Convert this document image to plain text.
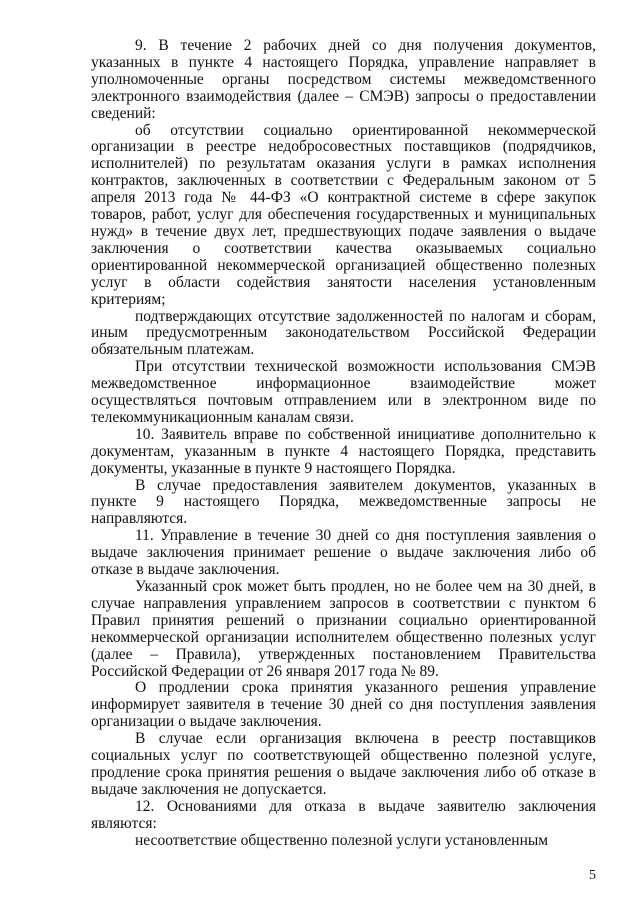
9. В течение 2 рабочих дней со дня получения документов, указанных в пункте 4 настоящего Порядка, управление направляет в уполномоченные органы посредством системы межведомственного электронного взаимодействия (далее – СМЭВ) запросы о предоставлении сведений:

об отсутствии социально ориентированной некоммерческой организации в реестре недобросовестных поставщиков (подрядчиков, исполнителей) по результатам оказания услуги в рамках исполнения контрактов, заключенных в соответствии с Федеральным законом от 5 апреля 2013 года № 44-ФЗ «О контрактной системе в сфере закупок товаров, работ, услуг для обеспечения государственных и муниципальных нужд» в течение двух лет, предшествующих подаче заявления о выдаче заключения о соответствии качества оказываемых социально ориентированной некоммерческой организацией общественно полезных услуг в области содействия занятости населения установленным критериям;

подтверждающих отсутствие задолженностей по налогам и сборам, иным предусмотренным законодательством Российской Федерации обязательным платежам.

При отсутствии технической возможности использования СМЭВ межведомственное информационное взаимодействие может осуществляться почтовым отправлением или в электронном виде по телекоммуникационным каналам связи.

10. Заявитель вправе по собственной инициативе дополнительно к документам, указанным в пункте 4 настоящего Порядка, представить документы, указанные в пункте 9 настоящего Порядка.

В случае предоставления заявителем документов, указанных в пункте 9 настоящего Порядка, межведомственные запросы не направляются.

11. Управление в течение 30 дней со дня поступления заявления о выдаче заключения принимает решение о выдаче заключения либо об отказе в выдаче заключения.

Указанный срок может быть продлен, но не более чем на 30 дней, в случае направления управлением запросов в соответствии с пунктом 6 Правил принятия решений о признании социально ориентированной некоммерческой организации исполнителем общественно полезных услуг (далее – Правила), утвержденных постановлением Правительства Российской Федерации от 26 января 2017 года № 89.

О продлении срока принятия указанного решения управление информирует заявителя в течение 30 дней со дня поступления заявления организации о выдаче заключения.

В случае если организация включена в реестр поставщиков социальных услуг по соответствующей общественно полезной услуге, продление срока принятия решения о выдаче заключения либо об отказе в выдаче заключения не допускается.

12. Основаниями для отказа в выдаче заявителю заключения являются:

несоответствие общественно полезной услуги установленным

5
